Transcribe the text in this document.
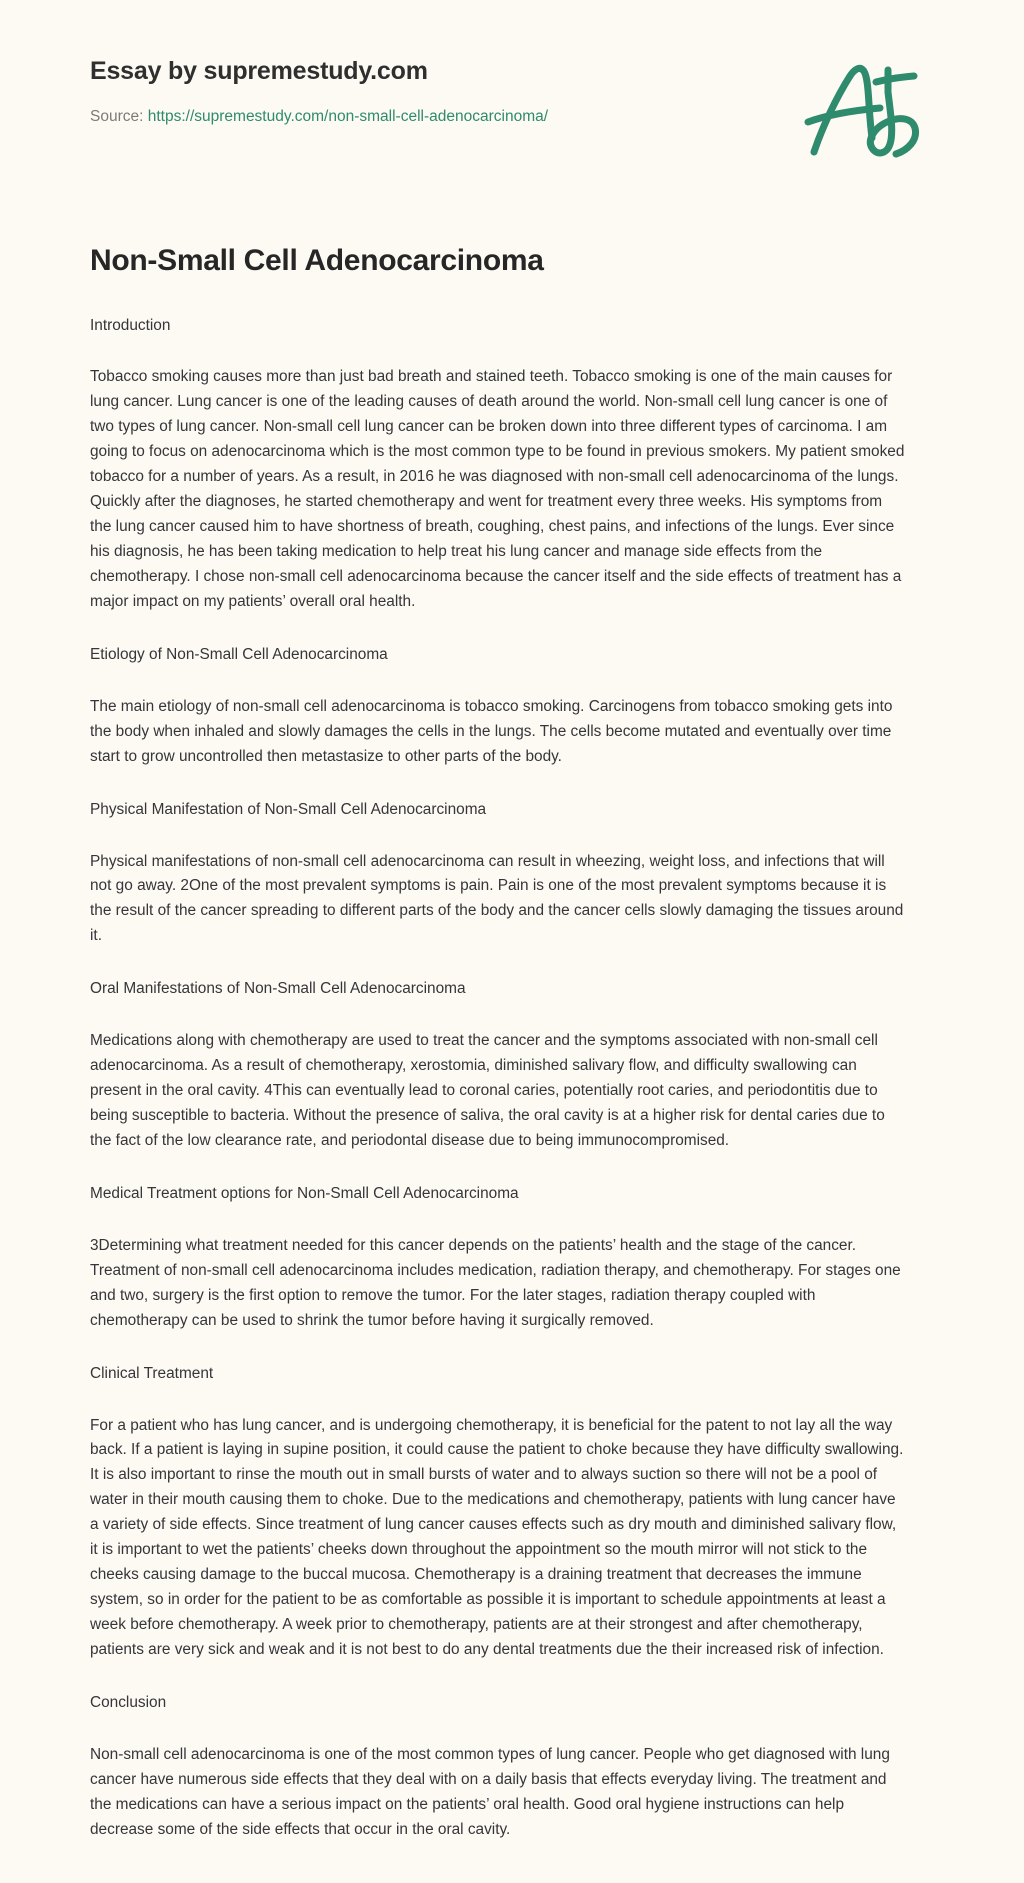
Essay by supremestudy.com
Source: https://supremestudy.com/non-small-cell-adenocarcinoma/
Non-Small Cell Adenocarcinoma

Introduction

Tobacco smoking causes more than just bad breath and stained teeth. Tobacco smoking is one of the main causes for lung cancer. Lung cancer is one of the leading causes of death around the world. Non-small cell lung cancer is one of two types of lung cancer. Non-small cell lung cancer can be broken down into three different types of carcinoma. I am going to focus on adenocarcinoma which is the most common type to be found in previous smokers. My patient smoked tobacco for a number of years. As a result, in 2016 he was diagnosed with non-small cell adenocarcinoma of the lungs. Quickly after the diagnoses, he started chemotherapy and went for treatment every three weeks. His symptoms from the lung cancer caused him to have shortness of breath, coughing, chest pains, and infections of the lungs. Ever since his diagnosis, he has been taking medication to help treat his lung cancer and manage side effects from the chemotherapy. I chose non-small cell adenocarcinoma because the cancer itself and the side effects of treatment has a major impact on my patients’ overall oral health.

Etiology of Non-Small Cell Adenocarcinoma

The main etiology of non-small cell adenocarcinoma is tobacco smoking. Carcinogens from tobacco smoking gets into the body when inhaled and slowly damages the cells in the lungs. The cells become mutated and eventually over time start to grow uncontrolled then metastasize to other parts of the body.

Physical Manifestation of Non-Small Cell Adenocarcinoma

Physical manifestations of non-small cell adenocarcinoma can result in wheezing, weight loss, and infections that will not go away. 2One of the most prevalent symptoms is pain. Pain is one of the most prevalent symptoms because it is the result of the cancer spreading to different parts of the body and the cancer cells slowly damaging the tissues around it.

Oral Manifestations of Non-Small Cell Adenocarcinoma

Medications along with chemotherapy are used to treat the cancer and the symptoms associated with non-small cell adenocarcinoma. As a result of chemotherapy, xerostomia, diminished salivary flow, and difficulty swallowing can present in the oral cavity. 4This can eventually lead to coronal caries, potentially root caries, and periodontitis due to being susceptible to bacteria. Without the presence of saliva, the oral cavity is at a higher risk for dental caries due to the fact of the low clearance rate, and periodontal disease due to being immunocompromised.

Medical Treatment options for Non-Small Cell Adenocarcinoma

3Determining what treatment needed for this cancer depends on the patients’ health and the stage of the cancer. Treatment of non-small cell adenocarcinoma includes medication, radiation therapy, and chemotherapy. For stages one and two, surgery is the first option to remove the tumor. For the later stages, radiation therapy coupled with chemotherapy can be used to shrink the tumor before having it surgically removed.

Clinical Treatment

For a patient who has lung cancer, and is undergoing chemotherapy, it is beneficial for the patent to not lay all the way back. If a patient is laying in supine position, it could cause the patient to choke because they have difficulty swallowing. It is also important to rinse the mouth out in small bursts of water and to always suction so there will not be a pool of water in their mouth causing them to choke. Due to the medications and chemotherapy, patients with lung cancer have a variety of side effects. Since treatment of lung cancer causes effects such as dry mouth and diminished salivary flow, it is important to wet the patients’ cheeks down throughout the appointment so the mouth mirror will not stick to the cheeks causing damage to the buccal mucosa. Chemotherapy is a draining treatment that decreases the immune system, so in order for the patient to be as comfortable as possible it is important to schedule appointments at least a week before chemotherapy. A week prior to chemotherapy, patients are at their strongest and after chemotherapy, patients are very sick and weak and it is not best to do any dental treatments due the their increased risk of infection.

Conclusion

Non-small cell adenocarcinoma is one of the most common types of lung cancer. People who get diagnosed with lung cancer have numerous side effects that they deal with on a daily basis that effects everyday living. The treatment and the medications can have a serious impact on the patients’ oral health. Good oral hygiene instructions can help decrease some of the side effects that occur in the oral cavity.
